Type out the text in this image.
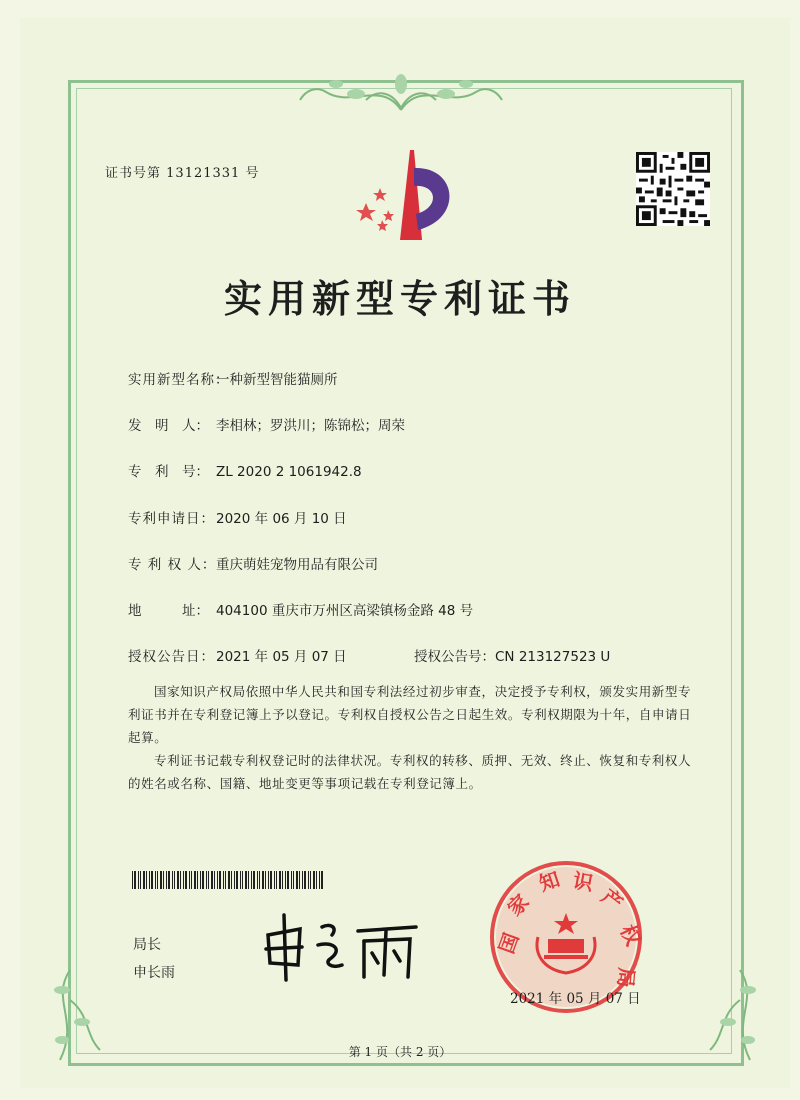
证书号第 13121331 号
实用新型专利证书
实用新型名称：一种新型智能猫厕所
发　明　人： 李相林；罗洪川；陈锦松；周荣
专　利　号： ZL 2020 2 1061942.8
专利申请日：2020 年 06 月 10 日
专 利 权 人：重庆萌娃宠物用品有限公司
地　　　址： 404100 重庆市万州区高梁镇杨金路 48 号
授权公告日：2021 年 05 月 07 日	授权公告号：CN 213127523 U
国家知识产权局依照中华人民共和国专利法经过初步审查，决定授予专利权，颁发实用新型专利证书并在专利登记簿上予以登记。专利权自授权公告之日起生效。专利权期限为十年，自申请日起算。
专利证书记载专利权登记时的法律状况。专利权的转移、质押、无效、终止、恢复和专利权人的姓名或名称、国籍、地址变更等事项记载在专利登记簿上。
局长
申长雨
国
家
知 识
产
权
局
2021 年 05 月 07 日
第 1 页（共 2 页）
